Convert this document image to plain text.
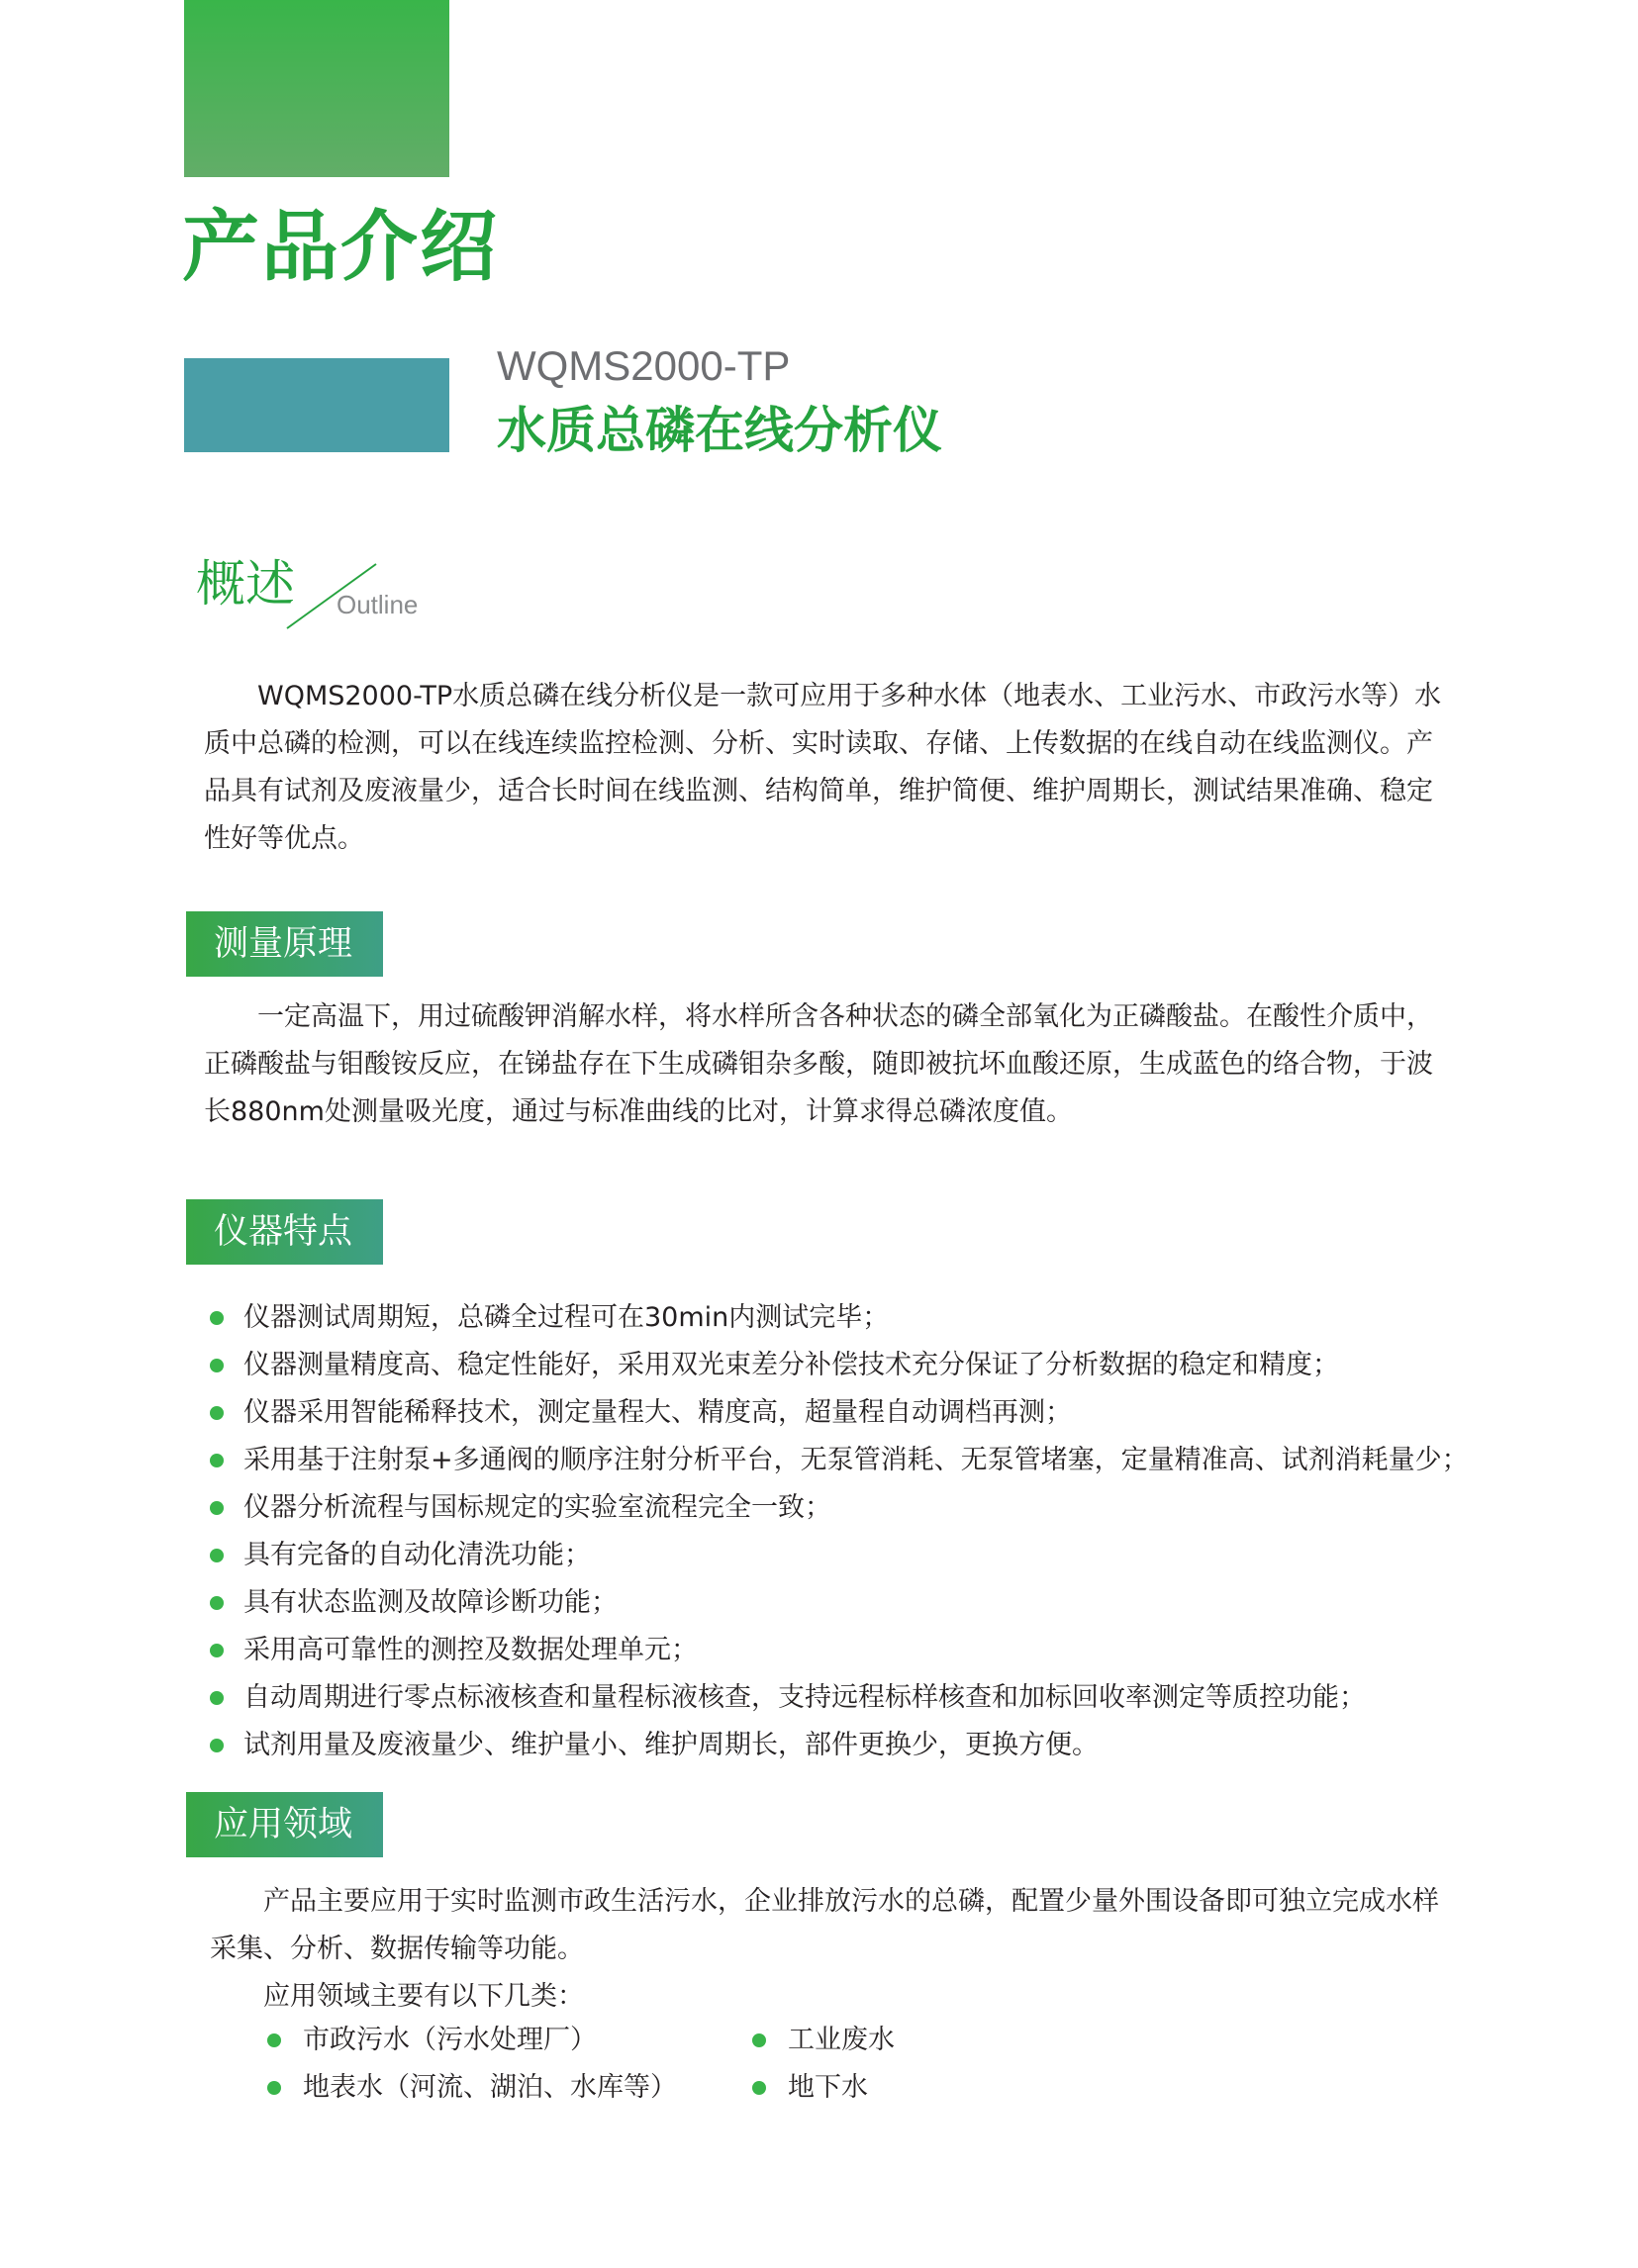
产品介绍
WQMS2000-TP
水质总磷在线分析仪
概述 Outline

WQMS2000-TP水质总磷在线分析仪是一款可应用于多种水体（地表水、工业污水、市政污水等）水质中总磷的检测，可以在线连续监控检测、分析、实时读取、存储、上传数据的在线自动在线监测仪。产品具有试剂及废液量少，适合长时间在线监测、结构简单，维护简便、维护周期长，测试结果准确、稳定性好等优点。

测量原理

一定高温下，用过硫酸钾消解水样，将水样所含各种状态的磷全部氧化为正磷酸盐。在酸性介质中，正磷酸盐与钼酸铵反应，在锑盐存在下生成磷钼杂多酸，随即被抗坏血酸还原，生成蓝色的络合物，于波长880nm处测量吸光度，通过与标准曲线的比对，计算求得总磷浓度值。

仪器特点
仪器测试周期短，总磷全过程可在30min内测试完毕；
仪器测量精度高、稳定性能好，采用双光束差分补偿技术充分保证了分析数据的稳定和精度；
仪器采用智能稀释技术，测定量程大、精度高，超量程自动调档再测；
采用基于注射泵+多通阀的顺序注射分析平台，无泵管消耗、无泵管堵塞，定量精准高、试剂消耗量少；
仪器分析流程与国标规定的实验室流程完全一致；
具有完备的自动化清洗功能；
具有状态监测及故障诊断功能；
采用高可靠性的测控及数据处理单元；
自动周期进行零点标液核查和量程标液核查，支持远程标样核查和加标回收率测定等质控功能；
试剂用量及废液量少、维护量小、维护周期长，部件更换少，更换方便。
应用领域

产品主要应用于实时监测市政生活污水，企业排放污水的总磷，配置少量外围设备即可独立完成水样采集、分析、数据传输等功能。

应用领域主要有以下几类：

市政污水（污水处理厂）
地表水（河流、湖泊、水库等）
工业废水
地下水
